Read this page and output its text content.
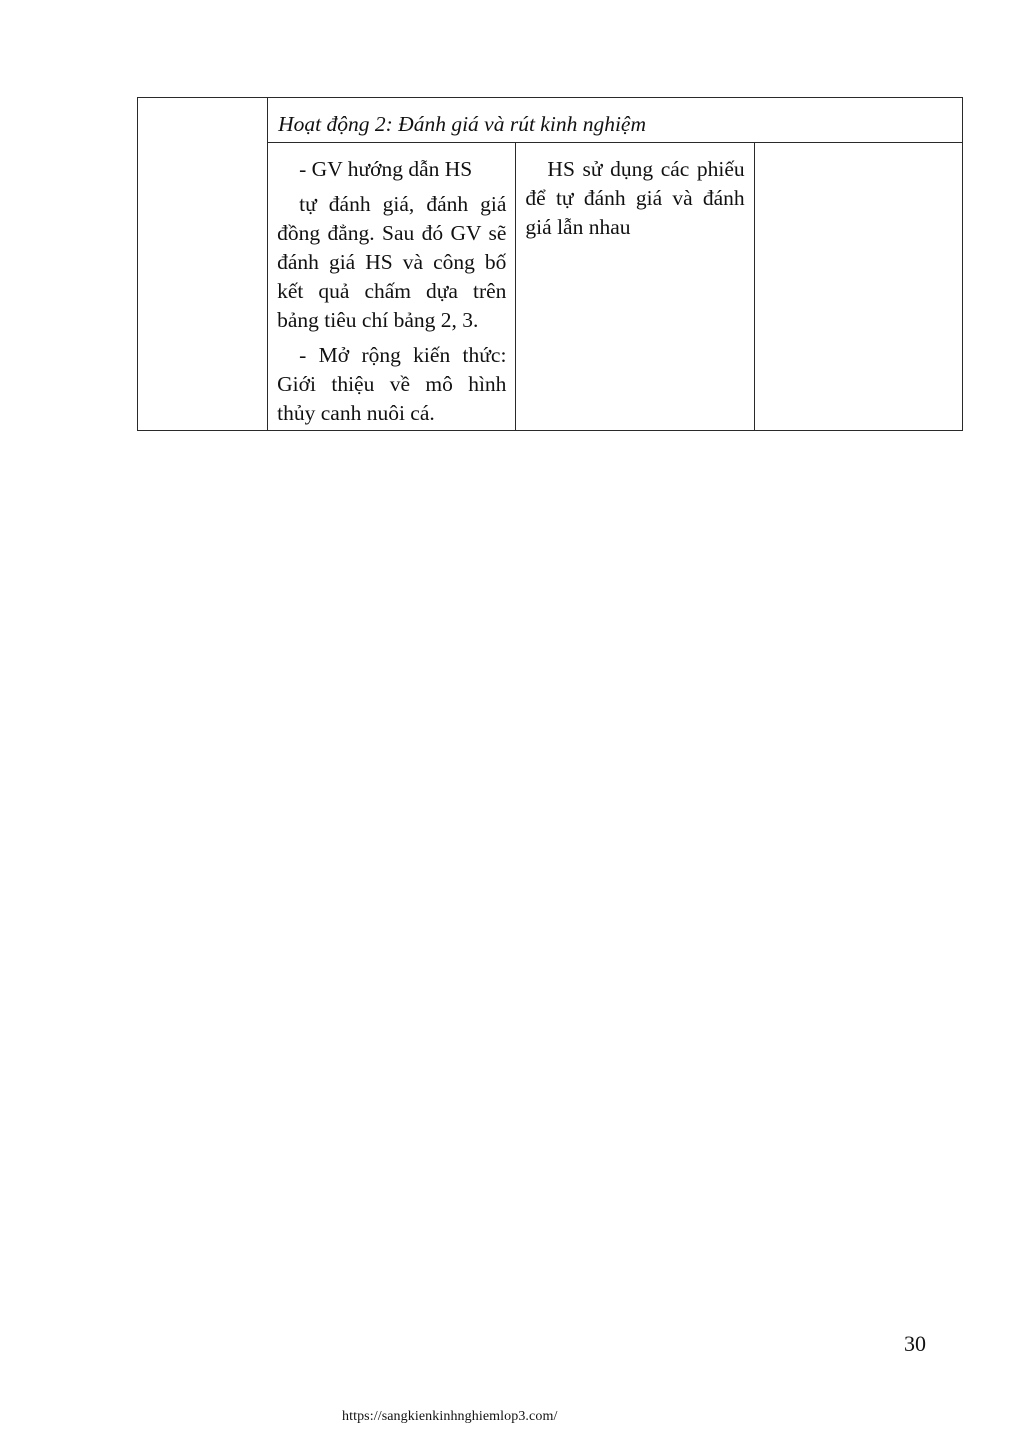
	Hoạt động 2: Đánh giá và rút kinh nghiệm		

	- GV hướng dẫn HS

tự đánh giá, đánh giá đồng đẳng. Sau đó GV sẽ đánh giá HS và công bố kết quả chấm dựa trên bảng tiêu chí bảng 2, 3.

- Mở rộng kiến thức: Giới thiệu về mô hình thủy canh nuôi cá.	HS sử dụng các phiếu để tự đánh giá và đánh giá lẫn nhau	

30
https://sangkienkinhnghiemlop3.com/
